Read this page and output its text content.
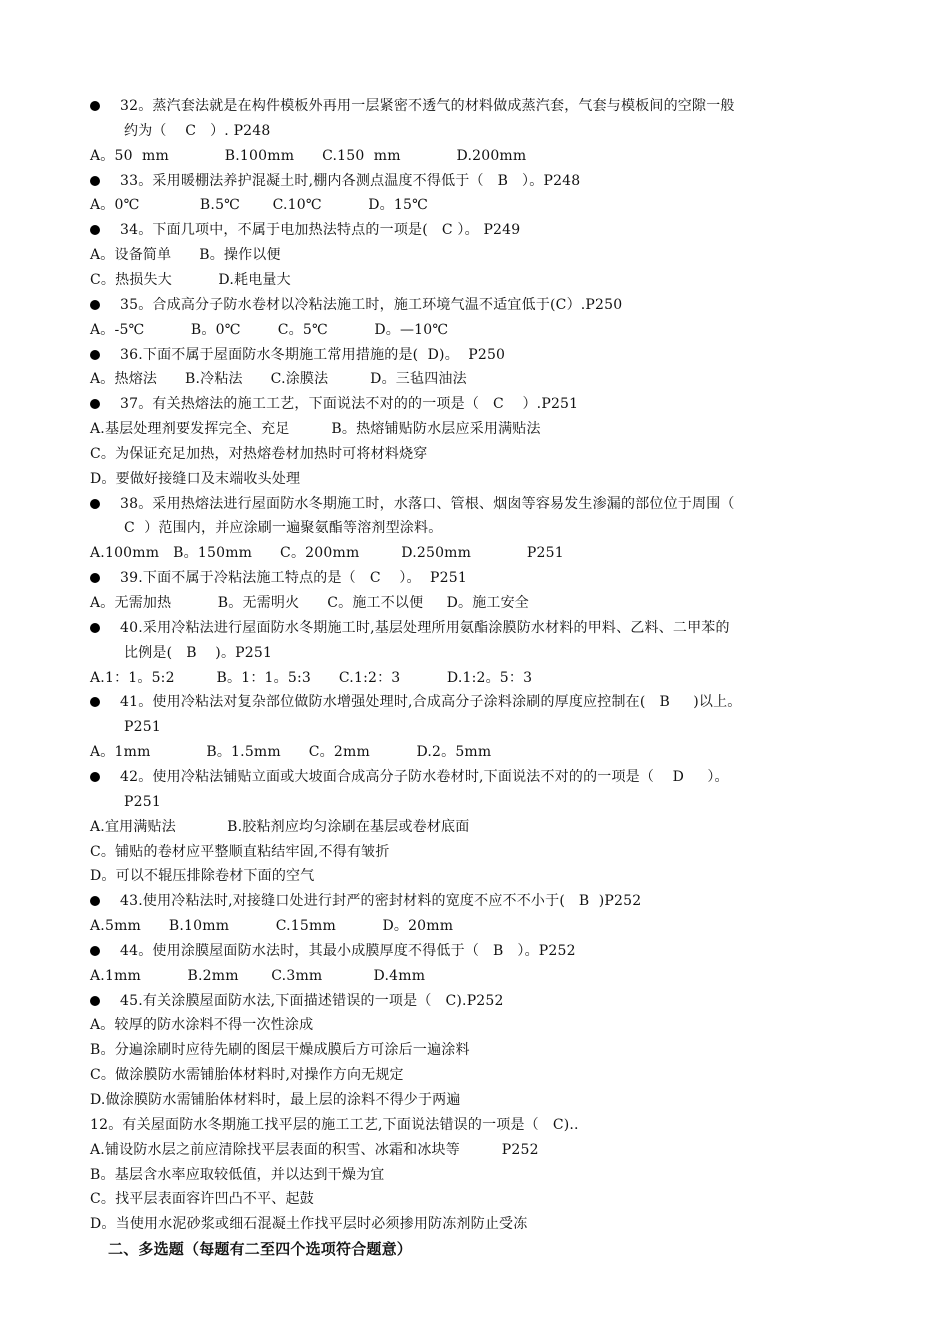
32。蒸汽套法就是在构件模板外再用一层紧密不透气的材料做成蒸汽套，气套与模板间的空隙一般
约为（    C   ）. P248
A。50  mm            B.100mm      C.150  mm            D.200mm
33。采用暖棚法养护混凝土时,棚内各测点温度不得低于（   B   ）。P248
A。0℃             B.5℃       C.10℃          D。15℃
34。下面几项中，不属于电加热法特点的一项是(   C ）。 P249
A。设备简单      B。操作以便
C。热损失大          D.耗电量大
35。合成高分子防水卷材以冷粘法施工时，施工环境气温不适宜低于(C）.P250
A。-5℃          B。0℃        C。5℃          D。—10℃
36.下面不属于屋面防水冬期施工常用措施的是(  D)。  P250
A。热熔法      B.冷粘法      C.涂膜法         D。三毡四油法
37。有关热熔法的施工工艺，下面说法不对的的一项是（   C    ）.P251
A.基层处理剂要发挥完全、充足         B。热熔铺贴防水层应采用满贴法
C。为保证充足加热，对热熔卷材加热时可将材料烧穿
D。要做好接缝口及末端收头处理
38。采用热熔法进行屋面防水冬期施工时，水落口、管根、烟囱等容易发生渗漏的部位位于周围（
C  ）范围内，并应涂刷一遍聚氨酯等溶剂型涂料。
A.100mm   B。150mm      C。200mm         D.250mm            P251
39.下面不属于冷粘法施工特点的是（   C    ）。  P251
A。无需加热          B。无需明火      C。施工不以便     D。施工安全
40.采用冷粘法进行屋面防水冬期施工时,基层处理所用氨酯涂膜防水材料的甲料、乙料、二甲苯的
比例是(   B    )。P251
A.1：1。5:2         B。1：1。5:3      C.1:2：3          D.1:2。5：3
41。使用冷粘法对复杂部位做防水增强处理时,合成高分子涂料涂刷的厚度应控制在(   B     )以上。
P251
A。1mm            B。1.5mm      C。2mm          D.2。5mm
42。使用冷粘法铺贴立面或大坡面合成高分子防水卷材时,下面说法不对的的一项是（    D     ）。
P251
A.宜用满贴法           B.胶粘剂应均匀涂刷在基层或卷材底面
C。铺贴的卷材应平整顺直粘结牢固,不得有皱折
D。可以不辊压排除卷材下面的空气
43.使用冷粘法时,对接缝口处进行封严的密封材料的宽度不应不不小于(   B  )P252
A.5mm      B.10mm          C.15mm          D。20mm
44。使用涂膜屋面防水法时，其最小成膜厚度不得低于（   B   ）。P252
A.1mm          B.2mm       C.3mm           D.4mm
45.有关涂膜屋面防水法,下面描述错误的一项是（   C).P252
A。较厚的防水涂料不得一次性涂成
B。分遍涂刷时应待先刷的图层干燥成膜后方可涂后一遍涂料
C。做涂膜防水需铺胎体材料时,对操作方向无规定
D.做涂膜防水需铺胎体材料时，最上层的涂料不得少于两遍
12。有关屋面防水冬期施工找平层的施工工艺,下面说法错误的一项是（   C)..
A.铺设防水层之前应清除找平层表面的积雪、冰霜和冰块等         P252
B。基层含水率应取较低值，并以达到干燥为宜
C。找平层表面容许凹凸不平、起鼓
D。当使用水泥砂浆或细石混凝土作找平层时必须掺用防冻剂防止受冻
二、多选题（每题有二至四个选项符合题意）
